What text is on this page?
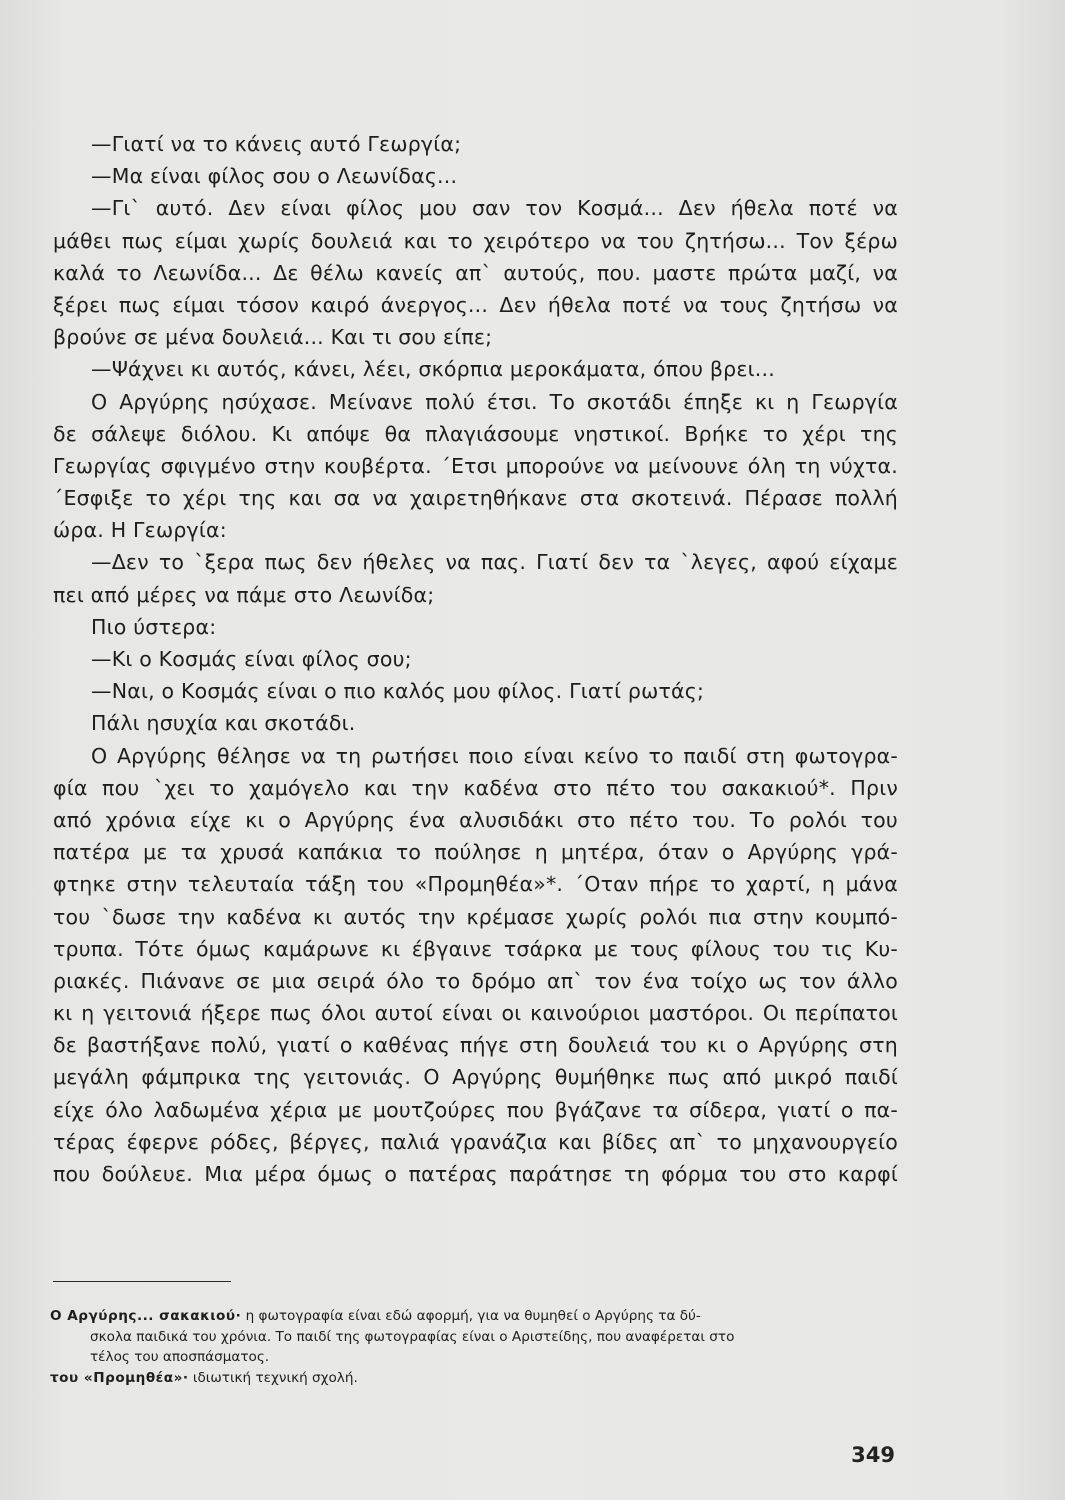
—Γιατί να το κάνεις αυτό Γεωργία;
—Μα είναι φίλος σου ο Λεωνίδας...
—Γι` αυτό. Δεν είναι φίλος μου σαν τον Κοσμά... Δεν ήθελα ποτέ να
μάθει πως είμαι χωρίς δουλειά και το χειρότερο να του ζητήσω... Τον ξέρω
καλά το Λεωνίδα... Δε θέλω κανείς απ` αυτούς, που. μαστε πρώτα μαζί, να
ξέρει πως είμαι τόσον καιρό άνεργος... Δεν ήθελα ποτέ να τους ζητήσω να
βρούνε σε μένα δουλειά... Και τι σου είπε;
—Ψάχνει κι αυτός, κάνει, λέει, σκόρπια μεροκάματα, όπου βρει...
Ο Αργύρης ησύχασε. Μείνανε πολύ έτσι. Το σκοτάδι έπηξε κι η Γεωργία
δε σάλεψε διόλου. Κι απόψε θα πλαγιάσουμε νηστικοί. Βρήκε το χέρι της
Γεωργίας σφιγμένο στην κουβέρτα. ΄Ετσι μπορούνε να μείνουνε όλη τη νύχτα.
΄Εσφιξε το χέρι της και σα να χαιρετηθήκανε στα σκοτεινά. Πέρασε πολλή
ώρα. Η Γεωργία:
—Δεν το `ξερα πως δεν ήθελες να πας. Γιατί δεν τα `λεγες, αφού είχαμε
πει από μέρες να πάμε στο Λεωνίδα;
Πιο ύστερα:
—Κι ο Κοσμάς είναι φίλος σου;
—Ναι, ο Κοσμάς είναι ο πιο καλός μου φίλος. Γιατί ρωτάς;
Πάλι ησυχία και σκοτάδι.
Ο Αργύρης θέλησε να τη ρωτήσει ποιο είναι κείνο το παιδί στη φωτογρα-
φία που `χει το χαμόγελο και την καδένα στο πέτο του σακακιού*. Πριν
από χρόνια είχε κι ο Αργύρης ένα αλυσιδάκι στο πέτο του. Το ρολόι του
πατέρα με τα χρυσά καπάκια το πούλησε η μητέρα, όταν ο Αργύρης γρά-
φτηκε στην τελευταία τάξη του «Προμηθέα»*. ΄Οταν πήρε το χαρτί, η μάνα
του `δωσε την καδένα κι αυτός την κρέμασε χωρίς ρολόι πια στην κουμπό-
τρυπα. Τότε όμως καμάρωνε κι έβγαινε τσάρκα με τους φίλους του τις Κυ-
ριακές. Πιάνανε σε μια σειρά όλο το δρόμο απ` τον ένα τοίχο ως τον άλλο
κι η γειτονιά ήξερε πως όλοι αυτοί είναι οι καινούριοι μαστόροι. Οι περίπατοι
δε βαστήξανε πολύ, γιατί ο καθένας πήγε στη δουλειά του κι ο Αργύρης στη
μεγάλη φάμπρικα της γειτονιάς. Ο Αργύρης θυμήθηκε πως από μικρό παιδί
είχε όλο λαδωμένα χέρια με μουτζούρες που βγάζανε τα σίδερα, γιατί ο πα-
τέρας έφερνε ρόδες, βέργες, παλιά γρανάζια και βίδες απ` το μηχανουργείο
που δούλευε. Μια μέρα όμως ο πατέρας παράτησε τη φόρμα του στο καρφί
Ο Αργύρης... σακακιού· η φωτογραφία είναι εδώ αφορμή, για να θυμηθεί ο Αργύρης τα δύ-
σκολα παιδικά του χρόνια. Το παιδί της φωτογραφίας είναι ο Αριστείδης, που αναφέρεται στο
τέλος του αποσπάσματος.
του «Προμηθέα»· ιδιωτική τεχνική σχολή.
349
